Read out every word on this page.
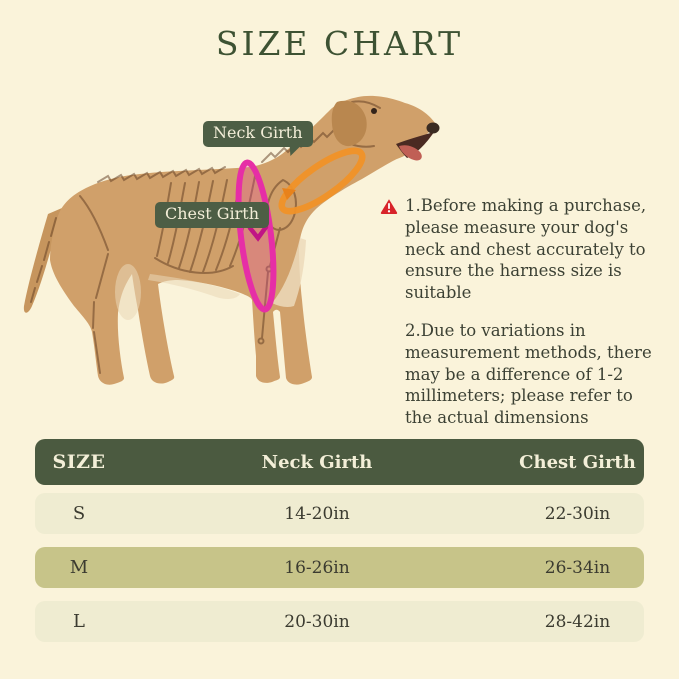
SIZE CHART
Neck Girth
Chest Girth	1.Before making a purchase, please measure your dog's neck and chest accurately to ensure the harness size is suitable
2.Due to variations in measurement methods, there may be a difference of 1-2 millimeters; please refer to the actual dimensions
SIZE	Neck Girth	Chest Girth
S	14-20in	22-30in
M	16-26in	26-34in
L	20-30in	28-42in
